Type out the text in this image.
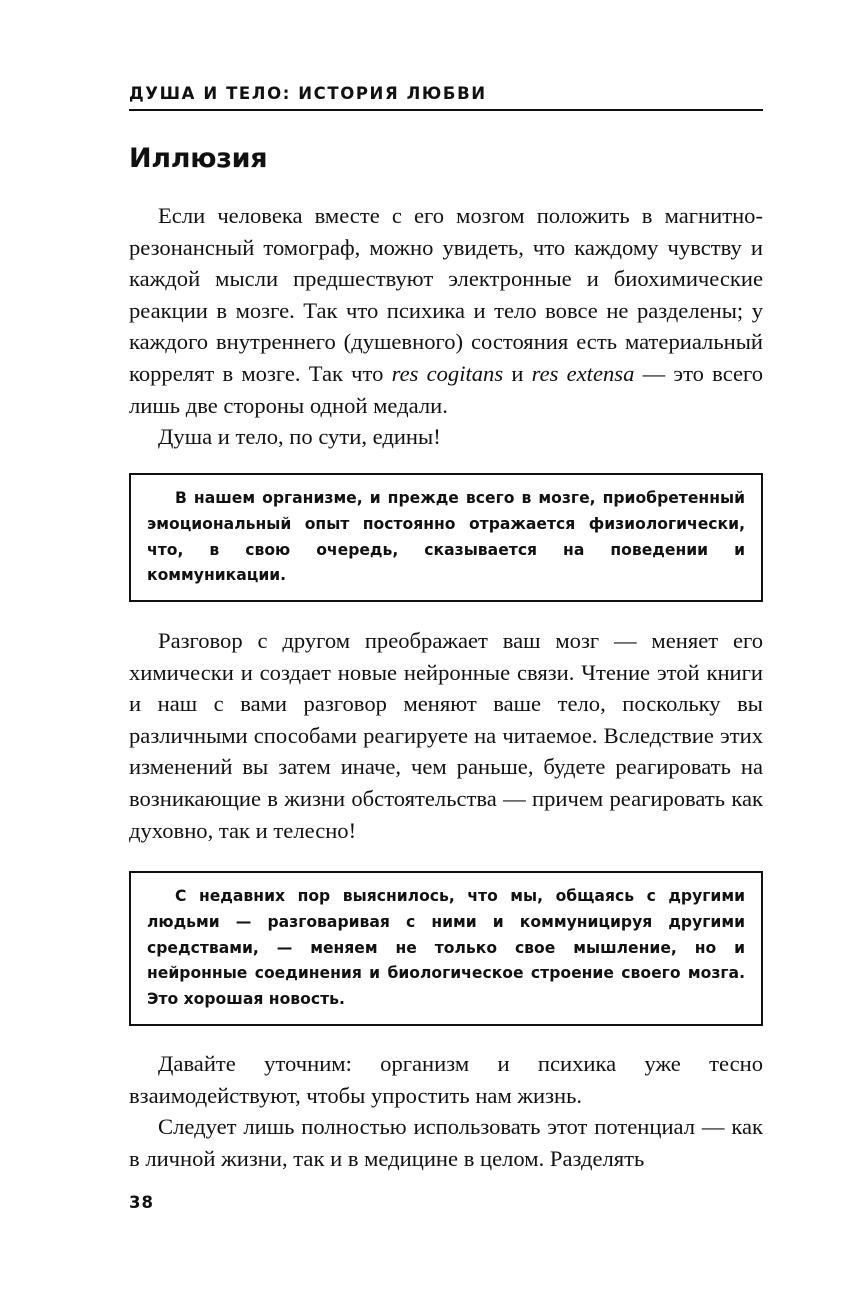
ДУША И ТЕЛО: ИСТОРИЯ ЛЮБВИ
Иллюзия

Если человека вместе с его мозгом положить в магнитно-резонансный томограф, можно увидеть, что каждому чувству и каждой мысли предшествуют электронные и биохимические реакции в мозге. Так что психика и тело вовсе не разделены; у каждого внутреннего (душевного) состояния есть материальный коррелят в мозге. Так что res cogitans и res extensa — это всего лишь две стороны одной медали.

Душа и тело, по сути, едины!

В нашем организме, и прежде всего в мозге, приобретенный эмоциональный опыт постоянно отражается физиологически, что, в свою очередь, сказывается на поведении и коммуникации.

Разговор с другом преображает ваш мозг — меняет его химически и создает новые нейронные связи. Чтение этой книги и наш с вами разговор меняют ваше тело, поскольку вы различными способами реагируете на читаемое. Вследствие этих изменений вы затем иначе, чем раньше, будете реагировать на возникающие в жизни обстоятельства — причем реагировать как духовно, так и телесно!

С недавних пор выяснилось, что мы, общаясь с другими людьми — разговаривая с ними и коммуницируя другими средствами, — меняем не только свое мышление, но и нейронные соединения и биологическое строение своего мозга. Это хорошая новость.

Давайте уточним: организм и психика уже тесно взаимодействуют, чтобы упростить нам жизнь.

Следует лишь полностью использовать этот потенциал — как в личной жизни, так и в медицине в целом. Разделять

38
